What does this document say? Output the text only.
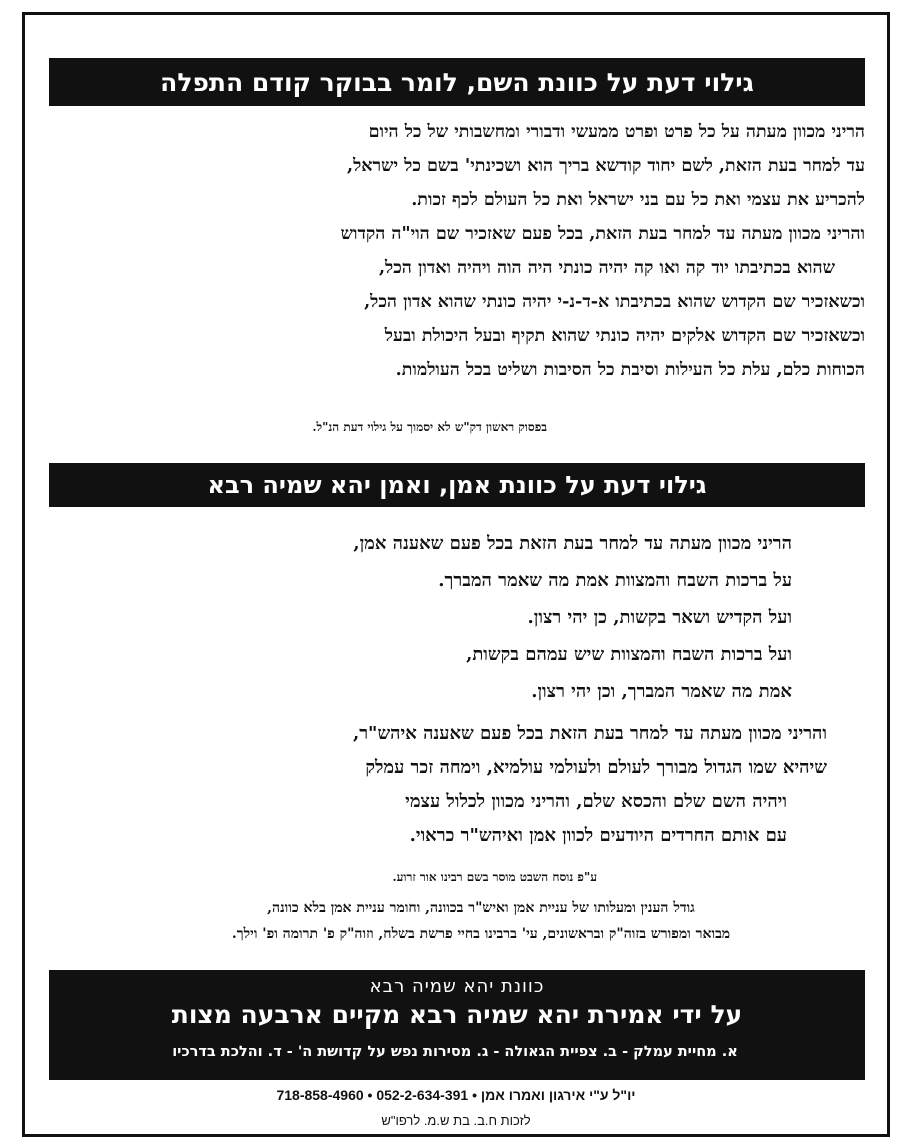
גילוי דעת על כוונת השם, לומר בבוקר קודם התפלה
הריני מכוון מעתה על כל פרט ופרט ממעשי ודבורי ומחשבותי של כל היום
עד למחר בעת הזאת, לשם יחוד קודשא בריך הוא ושכינתי' בשם כל ישראל,
להכריע את עצמי ואת כל עם בני ישראל ואת כל העולם לכף זכות.
והריני מכוון מעתה עד למחר בעת הזאת, בכל פעם שאזכיר שם הוי"ה הקדוש
שהוא בכתיבתו יוד קה ואו קה יהיה כונתי היה הוה ויהיה ואדון הכל,
וכשאזכיר שם הקדוש שהוא בכתיבתו א-ד-נ-י יהיה כונתי שהוא אדון הכל,
וכשאזכיר שם הקדוש אלקים יהיה כונתי שהוא תקיף ובעל היכולת ובעל
הכוחות כלם, עלת כל העילות וסיבת כל הסיבות ושליט בכל העולמות.
בפסוק ראשון דק"ש לא יסמוך על גילוי דעת הנ"ל.
גילוי דעת על כוונת אמן, ואמן יהא שמיה רבא
הריני מכוון מעתה עד למחר בעת הזאת בכל פעם שאענה אמן,
על ברכות השבח והמצוות אמת מה שאמר המברך.
ועל הקדיש ושאר בקשות, כן יהי רצון.
ועל ברכות השבח והמצוות שיש עמהם בקשות,
אמת מה שאמר המברך, וכן יהי רצון.
והריני מכוון מעתה עד למחר בעת הזאת בכל פעם שאענה איהש"ר,
שיהיא שמו הגדול מבורך לעולם ולעולמי עולמיא, וימחה זכר עמלק
ויהיה השם שלם והכסא שלם, והריני מכוון לכלול עצמי
עם אותם החרדים היודעים לכוון אמן ואיהש"ר כראוי.
ע"פ נוסח השבט מוסר בשם רבינו אור זרוע.
גודל הענין ומעלותו של עניית אמן ואיש"ר בכוונה, וחומר עניית אמן בלא כוונה,
מבואר ומפורש בזוה"ק ובראשונים, עי' ברבינו בחיי פרשת בשלח, וזוה"ק פ' תרומה ופ' וילך.
כוונת יהא שמיה רבא
על ידי אמירת יהא שמיה רבא מקיים ארבעה מצות
א. מחיית עמלק - ב. צפיית הגאולה - ג. מסירות נפש על קדושת ה' - ד. והלכת בדרכיו
יו"ל ע"י אירגון ואמרו אמן • 052-2-634-391 • 718-858-4960
לזכות ח.ב. בת ש.מ. לרפו"ש
